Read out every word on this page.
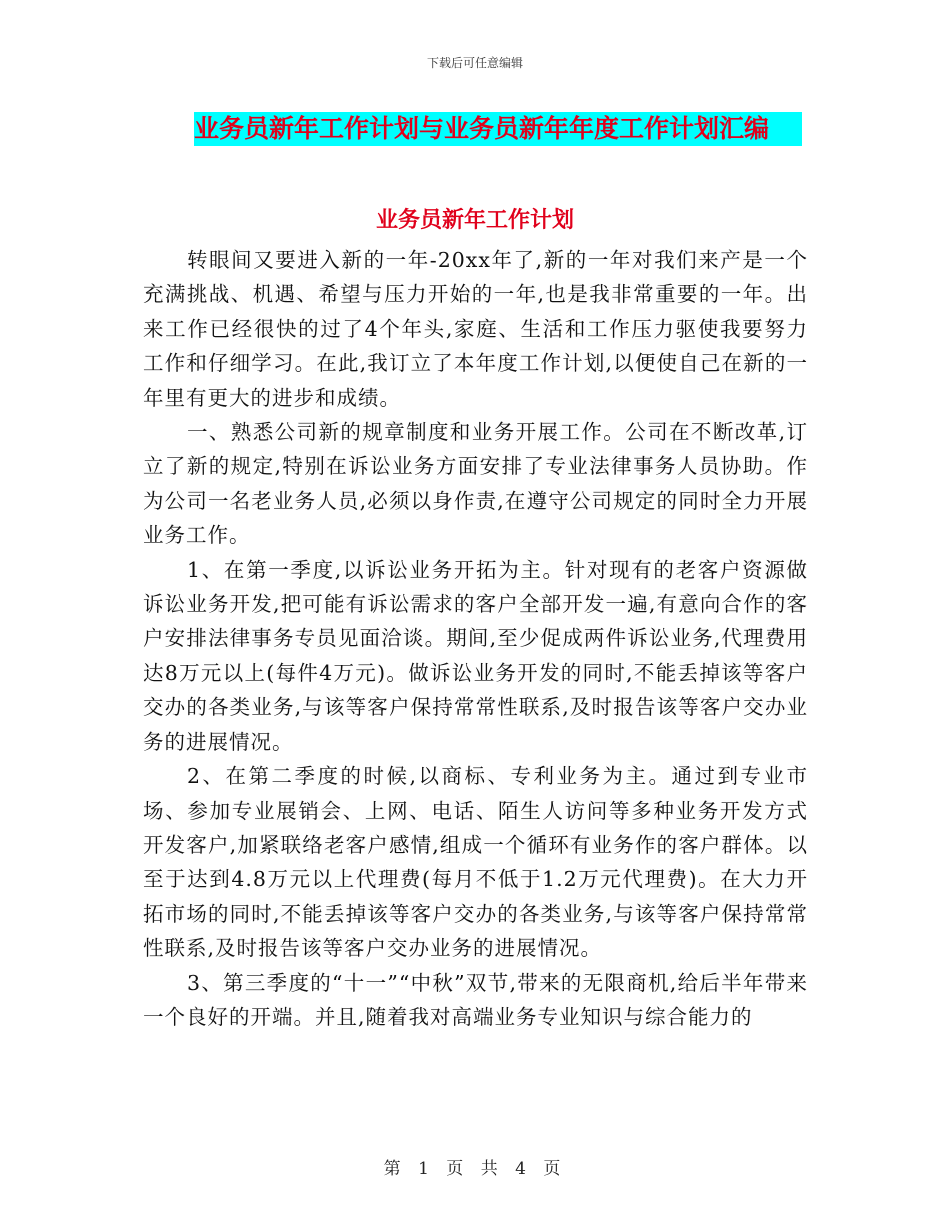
下载后可任意编辑
业务员新年工作计划与业务员新年年度工作计划汇编
业务员新年工作计划

转眼间又要进入新的一年-20xx年了,新的一年对我们来产是一个充满挑战、机遇、希望与压力开始的一年,也是我非常重要的一年。出来工作已经很快的过了4个年头,家庭、生活和工作压力驱使我要努力工作和仔细学习。在此,我订立了本年度工作计划,以便使自己在新的一年里有更大的进步和成绩。

一、熟悉公司新的规章制度和业务开展工作。公司在不断改革,订立了新的规定,特别在诉讼业务方面安排了专业法律事务人员协助。作为公司一名老业务人员,必须以身作责,在遵守公司规定的同时全力开展业务工作。

1、在第一季度,以诉讼业务开拓为主。针对现有的老客户资源做诉讼业务开发,把可能有诉讼需求的客户全部开发一遍,有意向合作的客户安排法律事务专员见面洽谈。期间,至少促成两件诉讼业务,代理费用达8万元以上(每件4万元)。做诉讼业务开发的同时,不能丢掉该等客户交办的各类业务,与该等客户保持常常性联系,及时报告该等客户交办业务的进展情况。

2、在第二季度的时候,以商标、专利业务为主。通过到专业市场、参加专业展销会、上网、电话、陌生人访问等多种业务开发方式开发客户,加紧联络老客户感情,组成一个循环有业务作的客户群体。以至于达到4.8万元以上代理费(每月不低于1.2万元代理费)。在大力开拓市场的同时,不能丢掉该等客户交办的各类业务,与该等客户保持常常性联系,及时报告该等客户交办业务的进展情况。

3、第三季度的“十一”“中秋”双节,带来的无限商机,给后半年带来一个良好的开端。并且,随着我对高端业务专业知识与综合能力的

第 1 页 共 4 页
